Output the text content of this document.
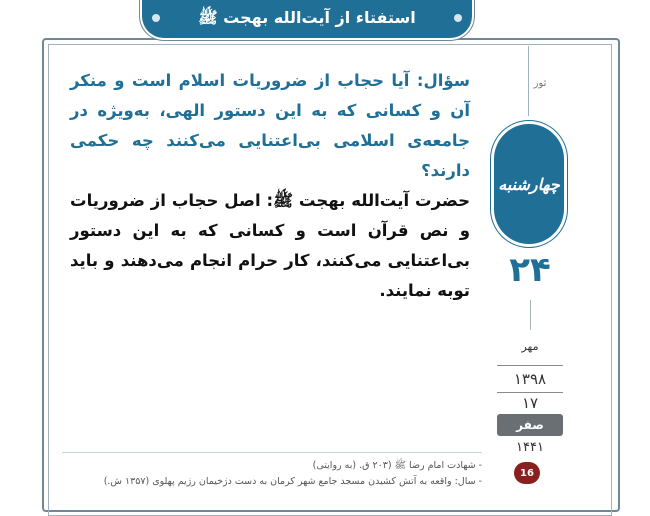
استفتاء از آیت‌الله بهجت ﷺ

سؤال: آیا حجاب از ضروریات اسلام است و منکر آن و کسانی که به این دستور الهی، به‌ویژه در جامعه‌ی اسلامی بی‌اعتنایی می‌کنند چه حکمی دارند؟

حضرت آیت‌الله بهجت ﷺ: اصل حجاب از ضروریات و نص قرآن است و کسانی که به این دستور بی‌اعتنایی می‌کنند، کار حرام انجام می‌دهند و باید توبه نمایند.

ثور
چهارشنبه
۲۴
مهر
۱۳۹۸
۱۷
صفر
۱۴۴۱
16

- شهادت امام رضا ﷺ (۲۰۳ ق. (به روایتی)

- سال: واقعه به آتش کشیدن مسجد جامع شهر کرمان به دست دژخیمان رژیم پهلوی (۱۳۵۷ ش.)
